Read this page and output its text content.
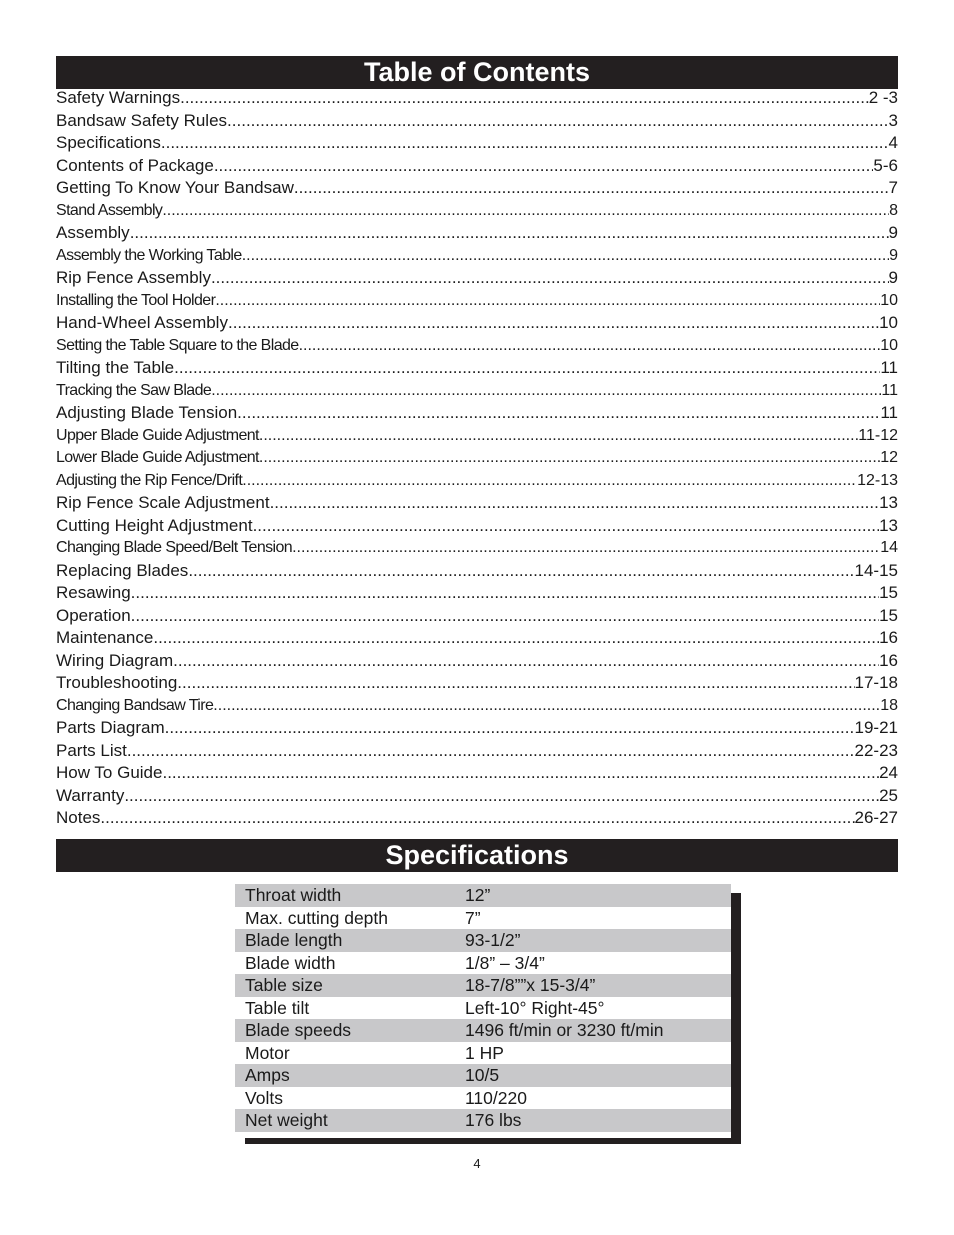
Table of Contents
Safety Warnings .....	2 -3
Bandsaw Safety Rules .....	3
Specifications .....	4
Contents of Package .....	5-6
Getting To Know Your Bandsaw .....	7
Stand Assembly .....	8
Assembly .....	9
Assembly the Working Table .....	9
Rip Fence Assembly .....	9
Installing the Tool Holder .....	10
Hand-Wheel Assembly .....	10
Setting the Table Square to the Blade .....	10
Tilting the Table .....	11
Tracking the Saw Blade .....	11
Adjusting Blade Tension .....	11
Upper Blade Guide Adjustment .....	11-12
Lower Blade Guide Adjustment .....	12
Adjusting the Rip Fence/Drift .....	12-13
Rip Fence Scale Adjustment .....	13
Cutting Height Adjustment .....	13
Changing Blade Speed/Belt Tension .....	14
Replacing Blades .....	14-15
Resawing .....	15
Operation .....	15
Maintenance .....	16
Wiring Diagram .....	16
Troubleshooting .....	17-18
Changing Bandsaw Tire .....	18
Parts Diagram .....	19-21
Parts List .....	22-23
How To Guide .....	24
Warranty .....	25
Notes .....	26-27
Specifications
Throat width	12”
Max. cutting depth	7”
Blade length	93-1/2”
Blade width	1/8” – 3/4”
Table size	18-7/8””x 15-3/4”
Table tilt	Left-10° Right-45°
Blade speeds	1496 ft/min or 3230 ft/min
Motor	1 HP
Amps	10/5
Volts	110/220
Net weight	176 lbs
4
